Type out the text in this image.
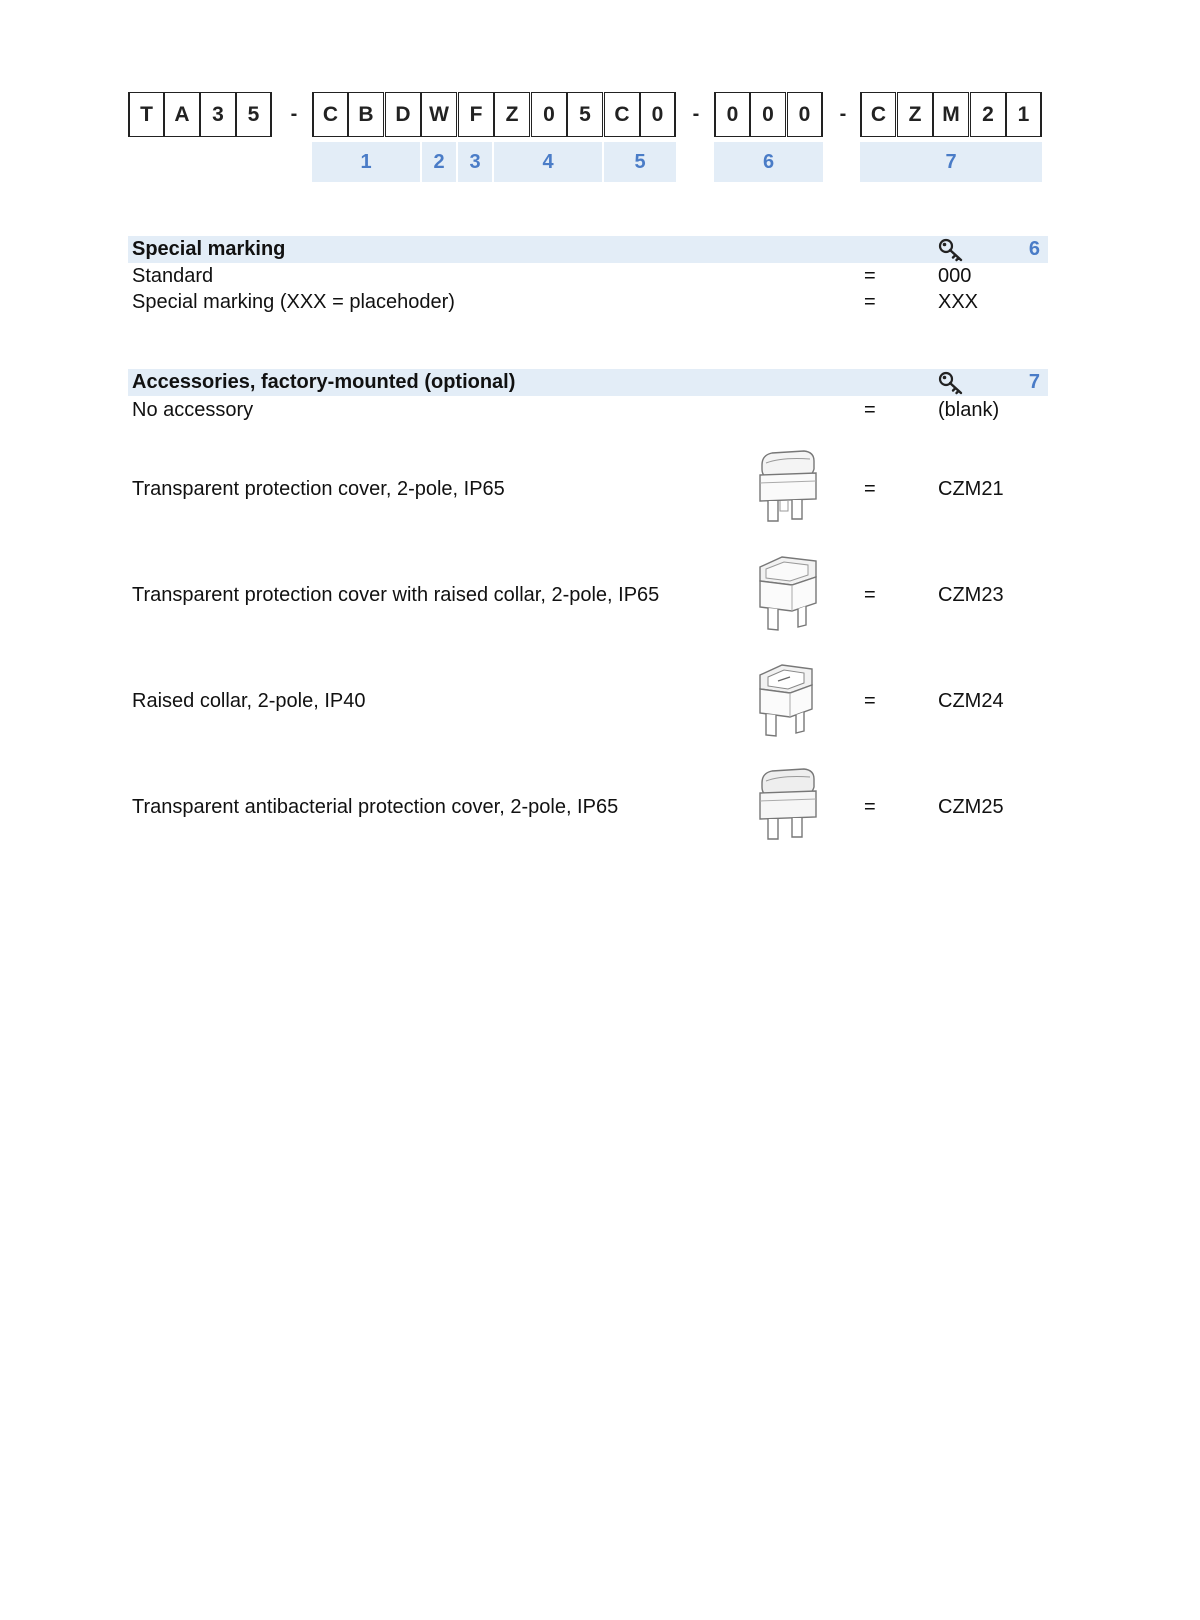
T	A	3	5	-	C B	D W F	Z	0	5	C	0	-	0	0	0	-	C	Z M	2	1
1	2	3	4	5	6	7
Special marking	6
Standard	=	000
Special marking (XXX = placehoder)	=	XXX
Accessories, factory-mounted (optional)	7
No accessory	=	(blank)
Transparent protection cover, 2-pole, IP65	=	CZM21
Transparent protection cover with raised collar, 2-pole, IP65	=	CZM23
Raised collar, 2-pole, IP40	=	CZM24
Transparent antibacterial protection cover, 2-pole, IP65	=	CZM25
